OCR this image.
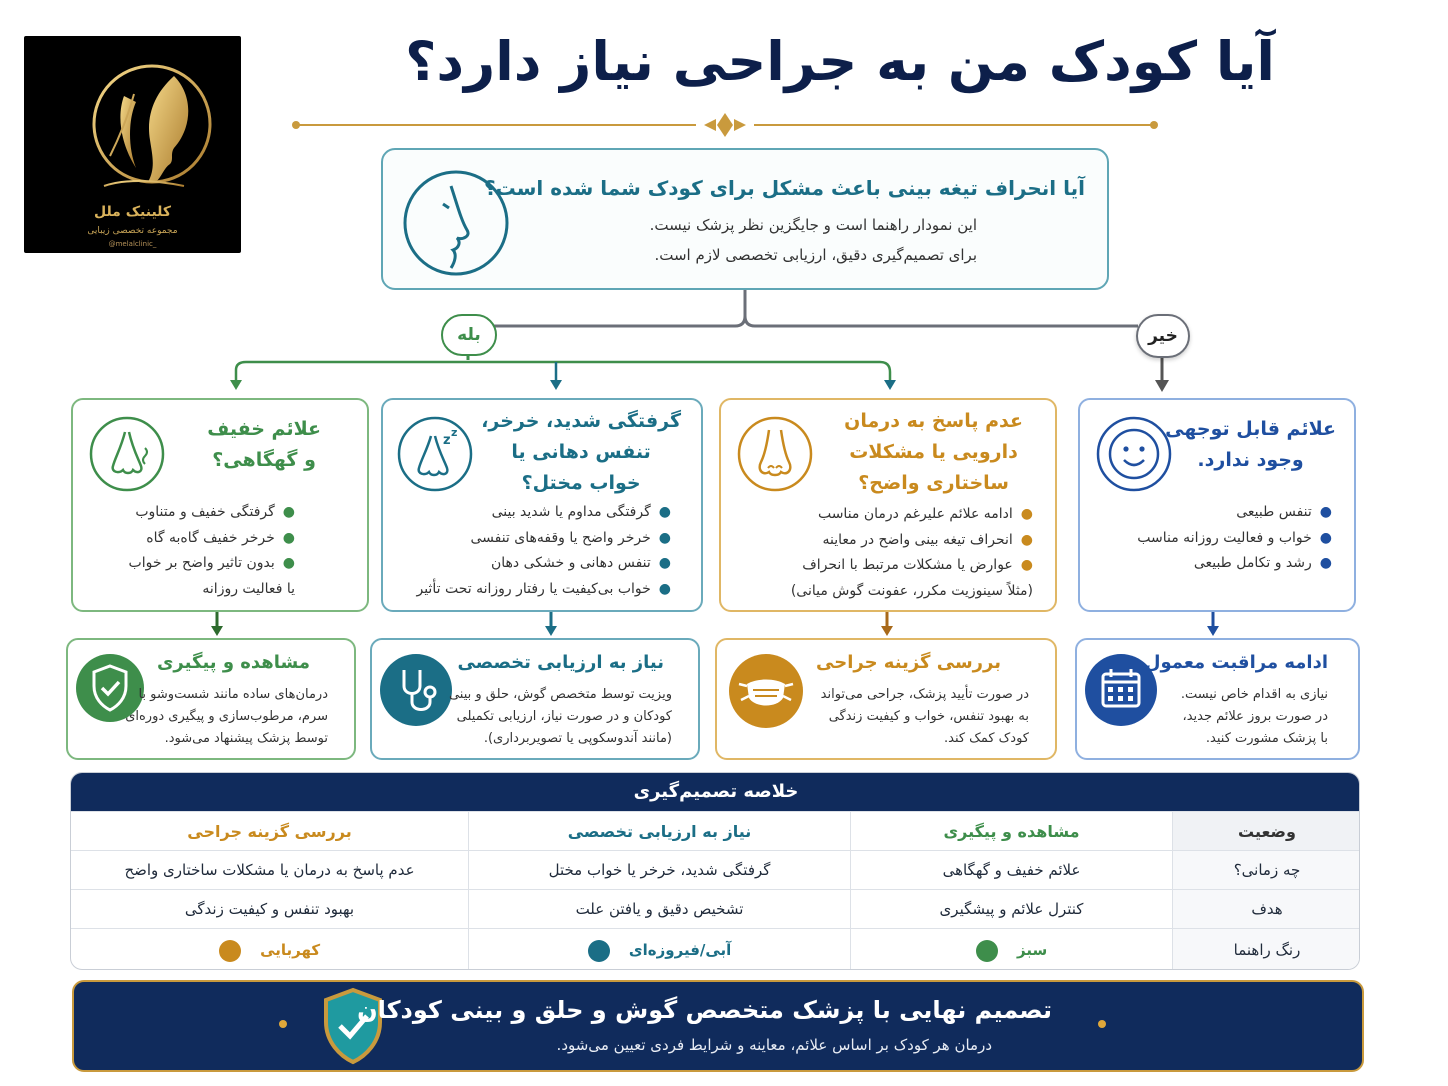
کلینیک ملل
مجموعه تخصصی زیبایی
@melalclinic_
آیا کودک من به جراحی نیاز دارد؟
آیا انحراف تیغه بینی باعث مشکل برای کودک شما شده است؟
این نمودار راهنما است و جایگزین نظر پزشک نیست.
برای تصمیم‌گیری دقیق، ارزیابی تخصصی لازم است.
بله	خیر
علائم خفیف
و گهگاهی؟
●گرفتگی خفیف و متناوب
●خرخر خفیف گاه‌به گاه
●بدون تاثیر واضح بر خواب
یا فعالیت روزانه
z
z
گرفتگی شدید، خرخر،
تنفس دهانی یا
خواب مختل؟
●گرفتگی مداوم یا شدید بینی
●خرخر واضح یا وقفه‌های تنفسی
●تنفس دهانی و خشکی دهان
●خواب بی‌کیفیت یا رفتار روزانه تحت تأثیر
عدم پاسخ به درمان
دارویی یا مشکلات
ساختاری واضح؟
●ادامه علائم علیرغم درمان مناسب
●انحراف تیغه بینی واضح در معاینه
●عوارض یا مشکلات مرتبط با انحراف
(مثلاً سینوزیت مکرر، عفونت گوش میانی)
علائم قابل توجهی
وجود ندارد.
●تنفس طبیعی
●خواب و فعالیت روزانه مناسب
●رشد و تکامل طبیعی
مشاهده و پیگیری
درمان‌های ساده مانند شست‌وشو با
سرم، مرطوب‌سازی و پیگیری دوره‌ای
توسط پزشک پیشنهاد می‌شود.
نیاز به ارزیابی تخصصی
ویزیت توسط متخصص گوش، حلق و بینی
کودکان و در صورت نیاز، ارزیابی تکمیلی
(مانند آندوسکوپی یا تصویربرداری).
بررسی گزینه جراحی
در صورت تأیید پزشک، جراحی می‌تواند
به بهبود تنفس، خواب و کیفیت زندگی
کودک کمک کند.
ادامه مراقبت معمول
نیازی به اقدام خاص نیست.
در صورت بروز علائم جدید،
با پزشک مشورت کنید.
خلاصه تصمیم‌گیری
وضعیت
مشاهده و پیگیری
نیاز به ارزیابی تخصصی
بررسی گزینه جراحی
چه زمانی؟
علائم خفیف و گهگاهی
گرفتگی شدید، خرخر یا خواب مختل
عدم پاسخ به درمان یا مشکلات ساختاری واضح
هدف
کنترل علائم و پیشگیری
تشخیص دقیق و یافتن علت
بهبود تنفس و کیفیت زندگی
رنگ راهنما
سبز
آبی/فیروزه‌ای
کهربایی
تصمیم نهایی با پزشک متخصص گوش و حلق و بینی کودکان
درمان هر کودک بر اساس علائم، معاینه و شرایط فردی تعیین می‌شود.
